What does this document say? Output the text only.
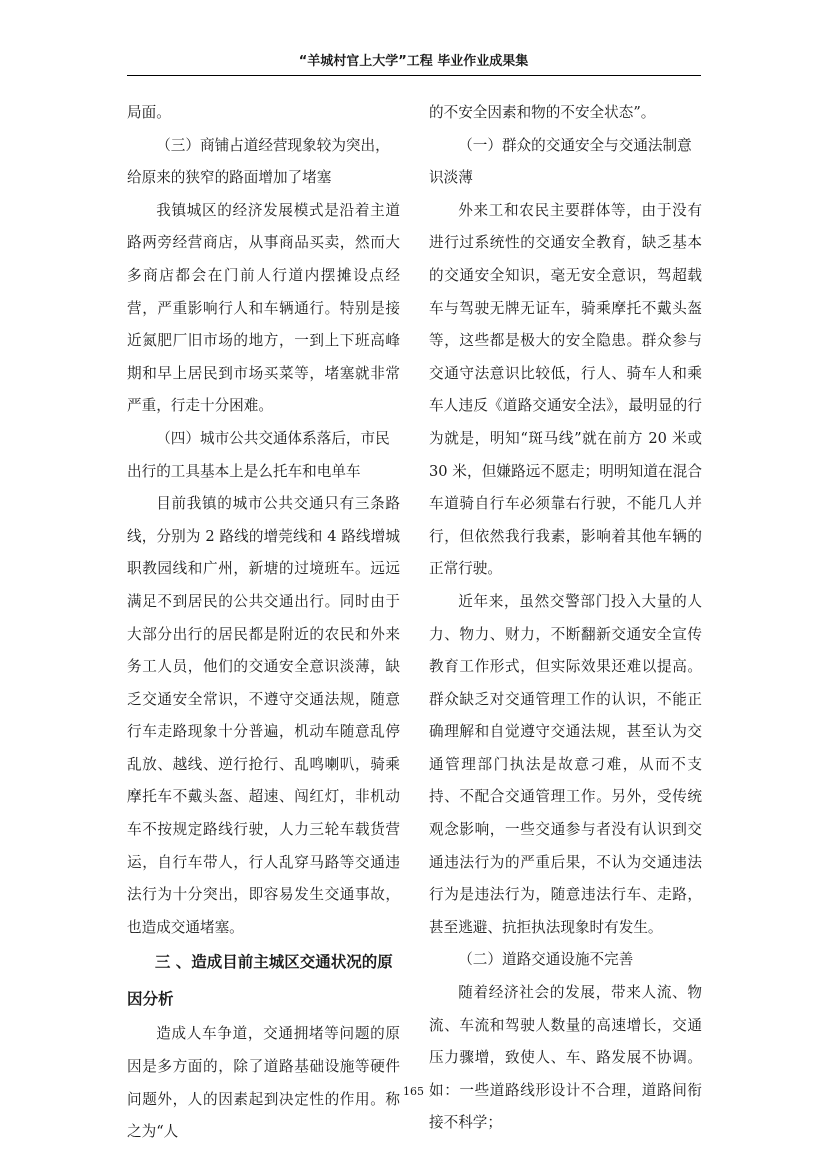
“羊城村官上大学”工程 毕业作业成果集

局面。

（三）商铺占道经营现象较为突出，给原来的狭窄的路面增加了堵塞

我镇城区的经济发展模式是沿着主道路两旁经营商店，从事商品买卖，然而大多商店都会在门前人行道内摆摊设点经营，严重影响行人和车辆通行。特别是接近氮肥厂旧市场的地方，一到上下班高峰期和早上居民到市场买菜等，堵塞就非常严重，行走十分困难。

（四）城市公共交通体系落后，市民出行的工具基本上是么托车和电单车

目前我镇的城市公共交通只有三条路线，分别为 2 路线的增莞线和 4 路线增城职教园线和广州，新塘的过境班车。远远满足不到居民的公共交通出行。同时由于大部分出行的居民都是附近的农民和外来务工人员，他们的交通安全意识淡薄，缺乏交通安全常识，不遵守交通法规，随意行车走路现象十分普遍，机动车随意乱停乱放、越线、逆行抢行、乱鸣喇叭，骑乘摩托车不戴头盔、超速、闯红灯，非机动车不按规定路线行驶，人力三轮车载货营运，自行车带人，行人乱穿马路等交通违法行为十分突出，即容易发生交通事故，也造成交通堵塞。

三 、造成目前主城区交通状况的原因分析

造成人车争道，交通拥堵等问题的原因是多方面的，除了道路基础设施等硬件问题外，人的因素起到决定性的作用。称之为“人

的不安全因素和物的不安全状态”。

（一）群众的交通安全与交通法制意识淡薄

外来工和农民主要群体等，由于没有进行过系统性的交通安全教育，缺乏基本的交通安全知识，毫无安全意识，驾超载车与驾驶无牌无证车，骑乘摩托不戴头盔等，这些都是极大的安全隐患。群众参与交通守法意识比较低，行人、骑车人和乘车人违反《道路交通安全法》，最明显的行为就是，明知“斑马线”就在前方 20 米或 30 米，但嫌路远不愿走；明明知道在混合车道骑自行车必须靠右行驶，不能几人并行，但依然我行我素，影响着其他车辆的正常行驶。

近年来，虽然交警部门投入大量的人力、物力、财力，不断翻新交通安全宣传教育工作形式，但实际效果还难以提高。群众缺乏对交通管理工作的认识，不能正确理解和自觉遵守交通法规，甚至认为交通管理部门执法是故意刁难，从而不支持、不配合交通管理工作。另外，受传统观念影响，一些交通参与者没有认识到交通违法行为的严重后果，不认为交通违法行为是违法行为，随意违法行车、走路，甚至逃避、抗拒执法现象时有发生。

（二）道路交通设施不完善

随着经济社会的发展，带来人流、物流、车流和驾驶人数量的高速增长，交通压力骤增，致使人、车、路发展不协调。如：一些道路线形设计不合理，道路间衔接不科学；

165
